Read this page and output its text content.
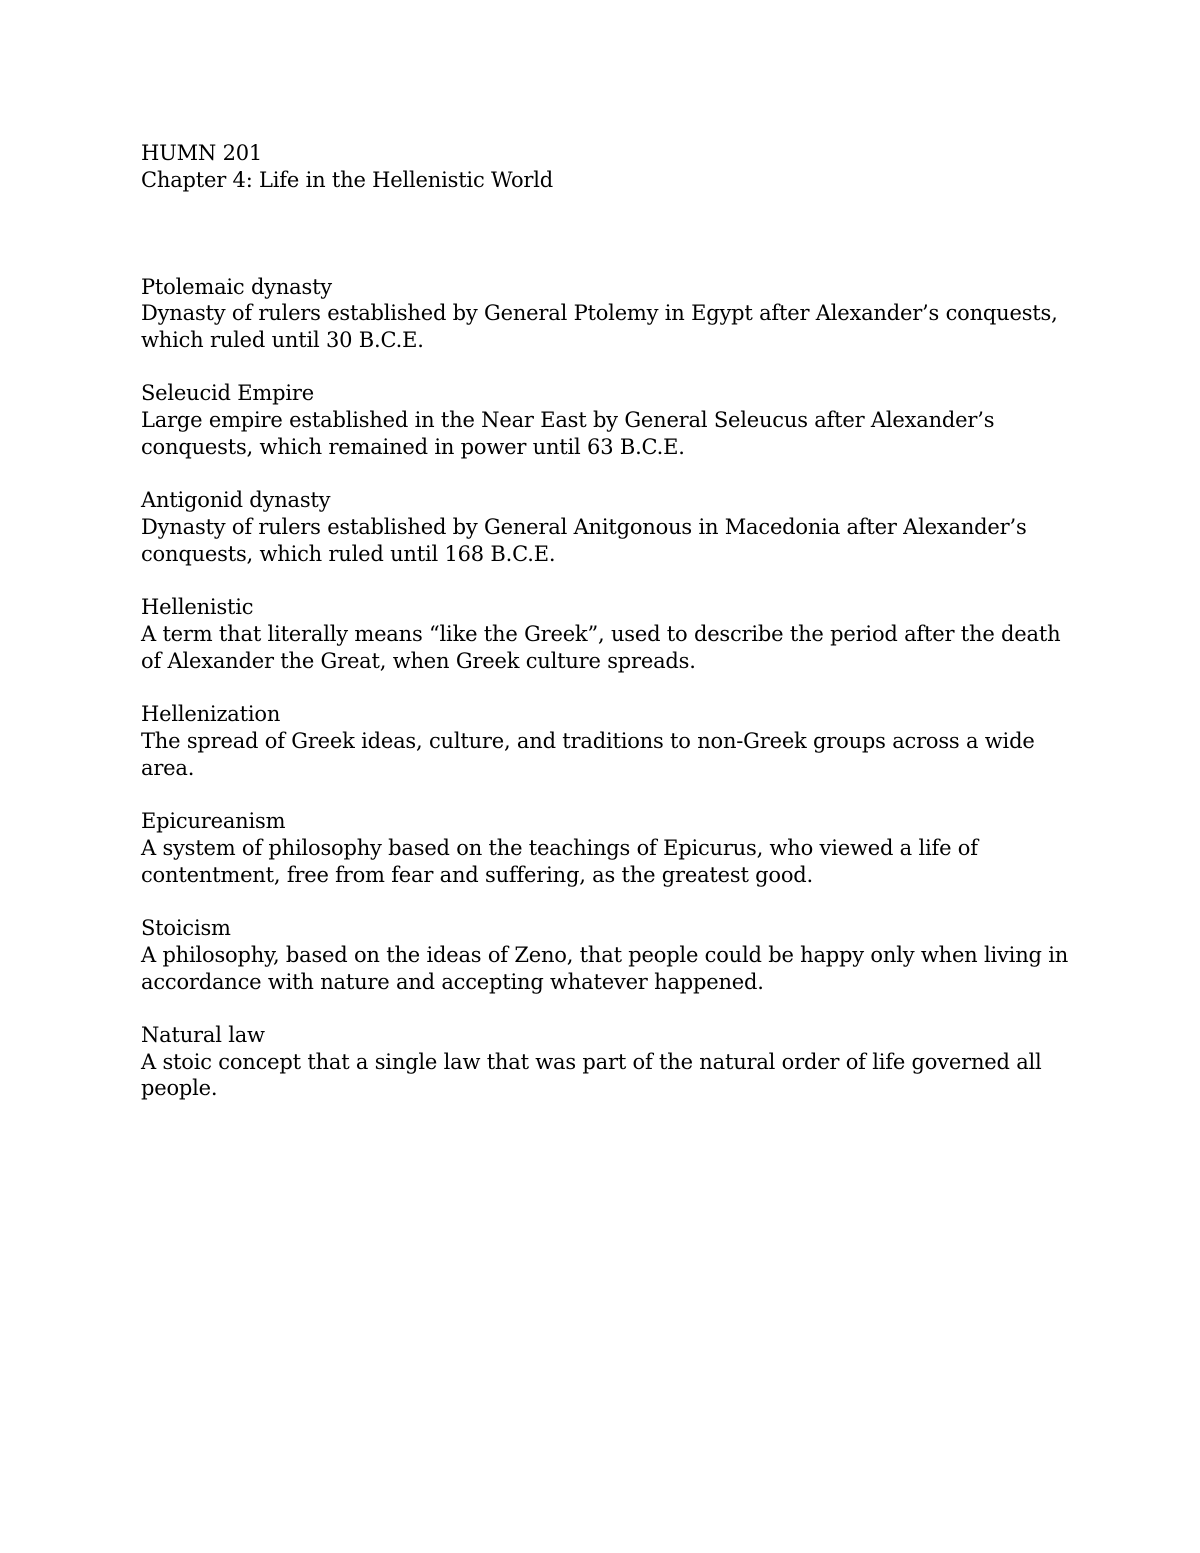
HUMN 201
Chapter 4: Life in the Hellenistic World
Ptolemaic dynasty
Dynasty of rulers established by General Ptolemy in Egypt after Alexander’s conquests, which ruled until 30 B.C.E.
Seleucid Empire
Large empire established in the Near East by General Seleucus after Alexander’s conquests, which remained in power until 63 B.C.E.
Antigonid dynasty
Dynasty of rulers established by General Anitgonous in Macedonia after Alexander’s conquests, which ruled until 168 B.C.E.
Hellenistic
A term that literally means “like the Greek”, used to describe the period after the death of Alexander the Great, when Greek culture spreads.
Hellenization
The spread of Greek ideas, culture, and traditions to non-Greek groups across a wide area.
Epicureanism
A system of philosophy based on the teachings of Epicurus, who viewed a life of contentment, free from fear and suffering, as the greatest good.
Stoicism
A philosophy, based on the ideas of Zeno, that people could be happy only when living in accordance with nature and accepting whatever happened.
Natural law
A stoic concept that a single law that was part of the natural order of life governed all people.
